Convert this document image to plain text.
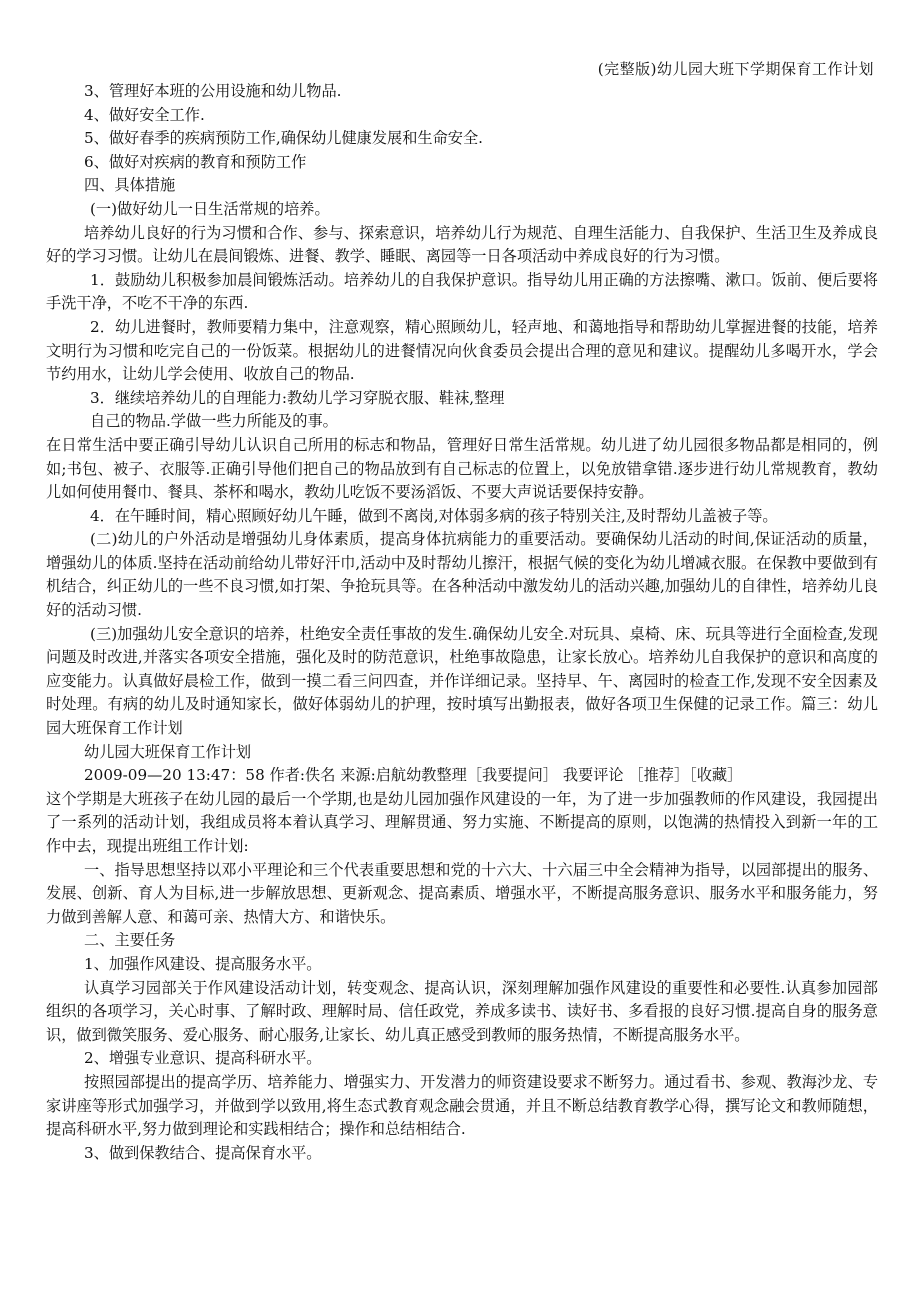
(完整版)幼儿园大班下学期保育工作计划

3、管理好本班的公用设施和幼儿物品.

4、做好安全工作.

5、做好春季的疾病预防工作,确保幼儿健康发展和生命安全.

6、做好对疾病的教育和预防工作

四、具体措施

(一)做好幼儿一日生活常规的培养。

培养幼儿良好的行为习惯和合作、参与、探索意识，培养幼儿行为规范、自理生活能力、自我保护、生活卫生及养成良好的学习习惯。让幼儿在晨间锻炼、进餐、教学、睡眠、离园等一日各项活动中养成良好的行为习惯。

1．鼓励幼儿积极参加晨间锻炼活动。培养幼儿的自我保护意识。指导幼儿用正确的方法擦嘴、漱口。饭前、便后要将手洗干净，不吃不干净的东西.

2．幼儿进餐时，教师要精力集中，注意观察，精心照顾幼儿，轻声地、和蔼地指导和帮助幼儿掌握进餐的技能，培养文明行为习惯和吃完自己的一份饭菜。根据幼儿的进餐情况向伙食委员会提出合理的意见和建议。提醒幼儿多喝开水，学会节约用水，让幼儿学会使用、收放自己的物品.

3．继续培养幼儿的自理能力:教幼儿学习穿脱衣服、鞋袜,整理

自己的物品.学做一些力所能及的事。

在日常生活中要正确引导幼儿认识自己所用的标志和物品，管理好日常生活常规。幼儿进了幼儿园很多物品都是相同的，例如;书包、被子、衣服等.正确引导他们把自己的物品放到有自己标志的位置上，以免放错拿错.逐步进行幼儿常规教育，教幼儿如何使用餐巾、餐具、茶杯和喝水，教幼儿吃饭不要汤滔饭、不要大声说话要保持安静。

4．在午睡时间，精心照顾好幼儿午睡，做到不离岗,对体弱多病的孩子特别关注,及时帮幼儿盖被子等。

(二)幼儿的户外活动是增强幼儿身体素质，提高身体抗病能力的重要活动。要确保幼儿活动的时间,保证活动的质量，增强幼儿的体质.坚持在活动前给幼儿带好汗巾,活动中及时帮幼儿擦汗，根据气候的变化为幼儿增减衣服。在保教中要做到有机结合，纠正幼儿的一些不良习惯,如打架、争抢玩具等。在各种活动中激发幼儿的活动兴趣,加强幼儿的自律性，培养幼儿良好的活动习惯.

(三)加强幼儿安全意识的培养，杜绝安全责任事故的发生.确保幼儿安全.对玩具、桌椅、床、玩具等进行全面检查,发现问题及时改进,并落实各项安全措施，强化及时的防范意识，杜绝事故隐患，让家长放心。培养幼儿自我保护的意识和高度的应变能力。认真做好晨检工作，做到一摸二看三问四查，并作详细记录。坚持早、午、离园时的检查工作,发现不安全因素及时处理。有病的幼儿及时通知家长，做好体弱幼儿的护理，按时填写出勤报表，做好各项卫生保健的记录工作。篇三：幼儿园大班保育工作计划

幼儿园大班保育工作计划

2009-09—20 13:47：58 作者:佚名 来源:启航幼教整理［我要提问］ 我要评论 ［推荐］［收藏］

这个学期是大班孩子在幼儿园的最后一个学期,也是幼儿园加强作风建设的一年，为了进一步加强教师的作风建设，我园提出了一系列的活动计划，我组成员将本着认真学习、理解贯通、努力实施、不断提高的原则，以饱满的热情投入到新一年的工作中去，现提出班组工作计划:

一、指导思想坚持以邓小平理论和三个代表重要思想和党的十六大、十六届三中全会精神为指导，以园部提出的服务、发展、创新、育人为目标,进一步解放思想、更新观念、提高素质、增强水平，不断提高服务意识、服务水平和服务能力，努力做到善解人意、和蔼可亲、热情大方、和谐快乐。

二、主要任务

1、加强作风建设、提高服务水平。

认真学习园部关于作风建设活动计划，转变观念、提高认识，深刻理解加强作风建设的重要性和必要性.认真参加园部组织的各项学习，关心时事、了解时政、理解时局、信任政党，养成多读书、读好书、多看报的良好习惯.提高自身的服务意识，做到微笑服务、爱心服务、耐心服务,让家长、幼儿真正感受到教师的服务热情，不断提高服务水平。

2、增强专业意识、提高科研水平。

按照园部提出的提高学历、培养能力、增强实力、开发潜力的师资建设要求不断努力。通过看书、参观、教海沙龙、专家讲座等形式加强学习，并做到学以致用,将生态式教育观念融会贯通，并且不断总结教育教学心得，撰写论文和教师随想，提高科研水平,努力做到理论和实践相结合；操作和总结相结合.

3、做到保教结合、提高保育水平。
